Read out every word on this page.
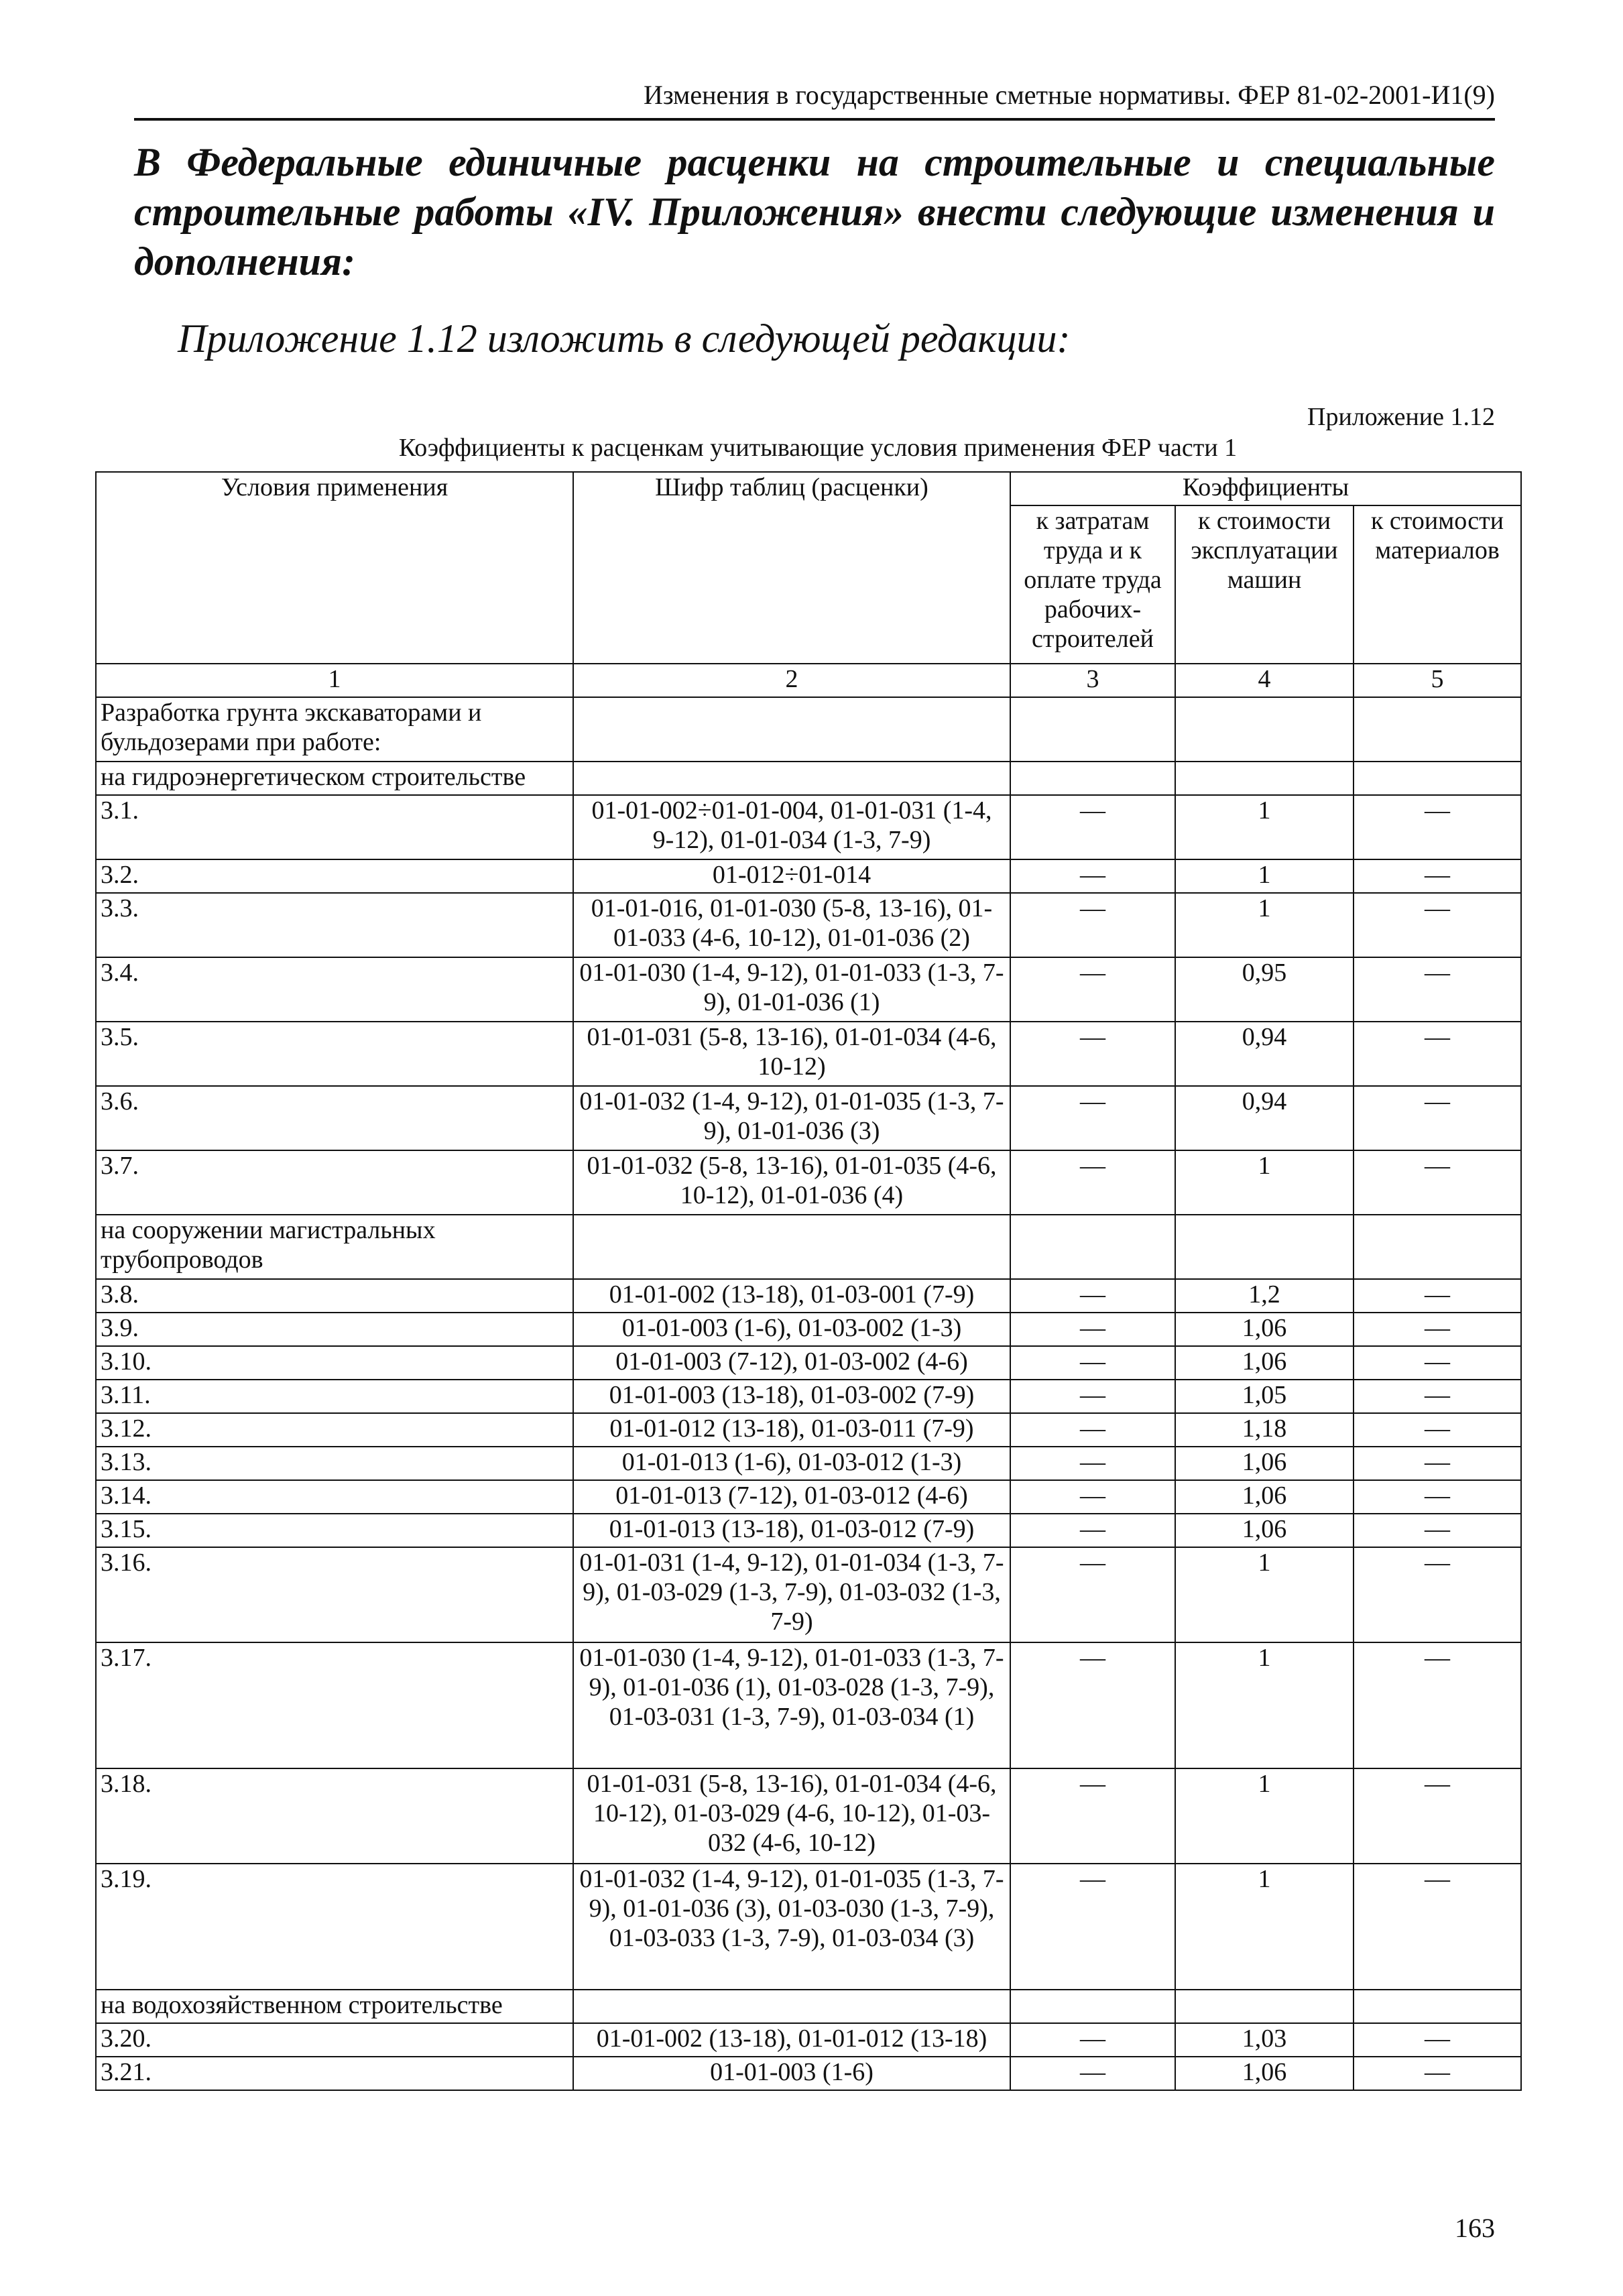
Изменения в государственные сметные нормативы. ФЕР 81-02-2001-И1(9)
В Федеральные единичные расценки на строительные и специальные строительные работы «IV. Приложения» внести следующие изменения и дополнения:
Приложение 1.12 изложить в следующей редакции:
Приложение 1.12
Коэффициенты к расценкам учитывающие условия применения ФЕР части 1
Условия применения	Шифр таблиц (расценки)	Коэффициенты		
		к затратам труда и к оплате труда рабочих-строителей	к стоимости эксплуатации машин	к стоимости материалов
1	2	3	4	5
Разработка грунта экскаваторами и бульдозерами при работе:				
на гидроэнергетическом строительстве				
3.1.	01-01-002÷01-01-004, 01-01-031 (1-4, 9-12), 01-01-034 (1-3, 7-9)	—	1	—
3.2.	01-012÷01-014	—	1	—
3.3.	01-01-016, 01-01-030 (5-8, 13-16), 01-01-033 (4-6, 10-12), 01-01-036 (2)	—	1	—
3.4.	01-01-030 (1-4, 9-12), 01-01-033 (1-3, 7-9), 01-01-036 (1)	—	0,95	—
3.5.	01-01-031 (5-8, 13-16), 01-01-034 (4-6, 10-12)	—	0,94	—
3.6.	01-01-032 (1-4, 9-12), 01-01-035 (1-3, 7-9), 01-01-036 (3)	—	0,94	—
3.7.	01-01-032 (5-8, 13-16), 01-01-035 (4-6, 10-12), 01-01-036 (4)	—	1	—
на сооружении магистральных трубопроводов				
3.8.	01-01-002 (13-18), 01-03-001 (7-9)	—	1,2	—
3.9.	01-01-003 (1-6), 01-03-002 (1-3)	—	1,06	—
3.10.	01-01-003 (7-12), 01-03-002 (4-6)	—	1,06	—
3.11.	01-01-003 (13-18), 01-03-002 (7-9)	—	1,05	—
3.12.	01-01-012 (13-18), 01-03-011 (7-9)	—	1,18	—
3.13.	01-01-013 (1-6), 01-03-012 (1-3)	—	1,06	—
3.14.	01-01-013 (7-12), 01-03-012 (4-6)	—	1,06	—
3.15.	01-01-013 (13-18), 01-03-012 (7-9)	—	1,06	—
3.16.	01-01-031 (1-4, 9-12), 01-01-034 (1-3, 7-9), 01-03-029 (1-3, 7-9), 01-03-032 (1-3, 7-9)	—	1	—
3.17.	01-01-030 (1-4, 9-12), 01-01-033 (1-3, 7-9), 01-01-036 (1), 01-03-028 (1-3, 7-9), 01-03-031 (1-3, 7-9), 01-03-034 (1)	—	1	—
3.18.	01-01-031 (5-8, 13-16), 01-01-034 (4-6, 10-12), 01-03-029 (4-6, 10-12), 01-03-032 (4-6, 10-12)	—	1	—
3.19.	01-01-032 (1-4, 9-12), 01-01-035 (1-3, 7-9), 01-01-036 (3), 01-03-030 (1-3, 7-9), 01-03-033 (1-3, 7-9), 01-03-034 (3)	—	1	—
на водохозяйственном строительстве				
3.20.	01-01-002 (13-18), 01-01-012 (13-18)	—	1,03	—
3.21.	01-01-003 (1-6)	—	1,06	—
163
